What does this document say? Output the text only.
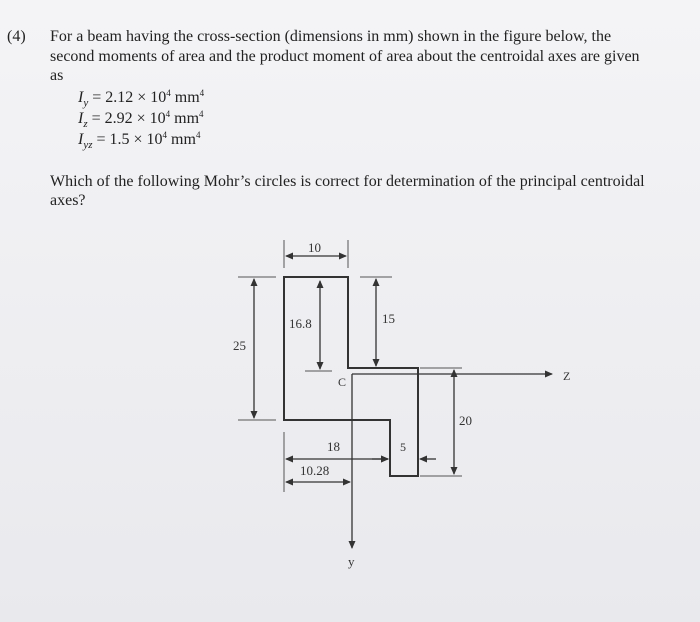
(4) For a beam having the cross-section (dimensions in mm) shown in the figure below, the
second moments of area and the product moment of area about the centroidal axes are given
as
$I_y = 2.12 \times 10^4$ $mm^4$
$I_z = 2.92 \times 10^4$ $mm^4$
$I_{yz} = 1.5 \times 10^4$ $mm^4$
Which of the following Mohr’s circles is correct for determination of the principal centroidal
axes?
10
25
16.8	15
C
20
18
10.28
5
Z
y
